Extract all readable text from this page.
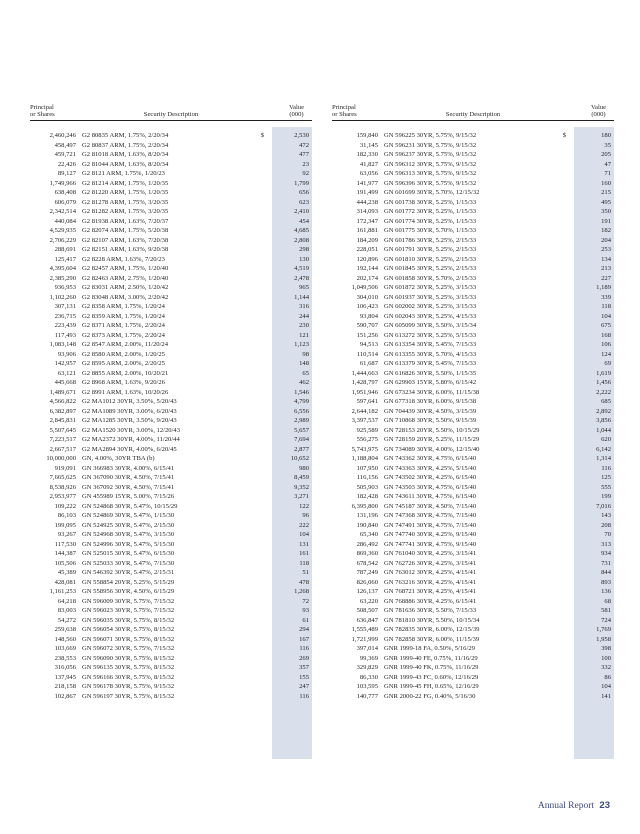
Principal
or Shares	Security Description
Value
(000)
2,460,246 G2 80835 ARM, 1.75%, 2/20/34	2,530
$
458,497 G2 80837 ARM, 1.75%, 2/20/34	472
459,721 G2 81018 ARM, 1.63%, 8/20/34	477
22,426 G2 81044 ARM, 1.63%, 8/20/34	23
89,127 G2 8121 ARM, 1.75%, 1/20/23	92
1,749,966 G2 81214 ARM, 1.75%, 1/20/35	1,799
638,408 G2 81220 ARM, 1.75%, 1/20/35	656
606,079 G2 81278 ARM, 1.75%, 3/20/35	623
2,342,514 G2 81282 ARM, 1.75%, 3/20/35	2,410
440,084 G2 81938 ARM, 1.63%, 7/20/37	454
4,529,935 G2 82074 ARM, 1.75%, 5/20/38	4,685
2,706,229 G2 82107 ARM, 1.63%, 7/20/38	2,808
288,691 G2 82151 ARM, 1.63%, 9/20/38	298
125,417 G2 8228 ARM, 1.63%, 7/20/23	130
4,395,604 G2 82457 ARM, 1.75%, 1/20/40	4,519
2,385,290 G2 82463 ARM, 2.75%, 1/20/40	2,478
936,953 G2 83031 ARM, 2.50%, 1/20/42	965
1,102,260 G2 83048 ARM, 3.00%, 2/20/42	1,144
307,131 G2 8358 ARM, 1.75%, 1/20/24	316
236,715 G2 8359 ARM, 1.75%, 1/20/24	244
223,439 G2 8371 ARM, 1.75%, 2/20/24	230
117,493 G2 8373 ARM, 1.75%, 2/20/24	121
1,083,148 G2 8547 ARM, 2.00%, 11/20/24	1,123
93,906 G2 8580 ARM, 2.00%, 1/20/25	98
142,957 G2 8595 ARM, 2.00%, 2/20/25	148
63,121 G2 8855 ARM, 2.00%, 10/20/21	65
445,668 G2 8968 ARM, 1.63%, 9/20/26	462
1,489,671 G2 8991 ARM, 1.63%, 10/20/26	1,546
4,566,822 G2 MA1012 30YR, 3.50%, 5/20/43	4,799
6,382,897 G2 MA1089 30YR, 3.00%, 6/20/43	6,556
2,845,831 G2 MA1285 30YR, 3.50%, 9/20/43	2,989
5,507,645 G2 MA1520 30YR, 3.00%, 12/20/43	5,657
7,223,517 G2 MA2372 30YR, 4.00%, 11/20/44	7,694
2,667,517 G2 MA2894 30YR, 4.00%, 6/20/45	2,877
10,000,000 GN, 4.00%, 30YR TBA (b)	10,652
919,091 GN 366983 30YR, 4.00%, 6/15/41	980
7,665,625 GN 367090 30YR, 4.50%, 7/15/41	8,459
8,538,926 GN 367092 30YR, 4.50%, 7/15/41	9,352
2,953,977 GN 455989 15YR, 5.00%, 7/15/26	3,271
109,222 GN 524868 30YR, 5.47%, 10/15/29	122
86,103 GN 524869 30YR, 5.47%, 1/15/30	96
199,095 GN 524925 30YR, 5.47%, 2/15/30	222
93,267 GN 524968 30YR, 5.47%, 3/15/30	104
117,530 GN 524996 30YR, 5.47%, 5/15/30	131
144,387 GN 525015 30YR, 5.47%, 6/15/30	161
105,506 GN 525033 30YR, 5.47%, 7/15/30	118
45,389 GN 546392 30YR, 5.47%, 2/15/31	51
428,081 GN 558854 20YR, 5.25%, 5/15/29	478
1,161,253 GN 558956 30YR, 4.50%, 6/15/29	1,268
64,218 GN 596009 30YR, 5.75%, 7/15/32	72
83,003 GN 596023 30YR, 5.75%, 7/15/32	93
54,272 GN 596035 30YR, 5.75%, 8/15/32	61
259,638 GN 596054 30YR, 5.75%, 8/15/32	294
148,560 GN 596071 30YR, 5.75%, 8/15/32	167
103,669 GN 596072 30YR, 5.75%, 7/15/32	116
238,553 GN 596090 30YR, 5.75%, 8/15/32	269
316,056 GN 596135 30YR, 5.75%, 8/15/32	357
137,945 GN 596166 30YR, 5.75%, 8/15/32	155
218,158 GN 596178 30YR, 5.75%, 9/15/32	247
102,867 GN 596197 30YR, 5.75%, 8/15/32	116
Principal
or Shares	Security Description
Value
(000)
159,840 GN 596225 30YR, 5.75%, 9/15/32	180
$
31,145 GN 596231 30YR, 5.75%, 9/15/32	35
182,330 GN 596237 30YR, 5.75%, 9/15/32	205
41,827 GN 596312 30YR, 5.75%, 9/15/32	47
63,056 GN 596313 30YR, 5.75%, 9/15/32	71
141,977 GN 596396 30YR, 5.75%, 9/15/32	160
191,499 GN 601699 30YR, 5.70%, 12/15/32	215
444,238 GN 601738 30YR, 5.25%, 1/15/33	495
314,093 GN 601772 30YR, 5.25%, 1/15/33	350
172,347 GN 601774 30YR, 5.25%, 1/15/33	191
161,881 GN 601775 30YR, 5.70%, 1/15/33	182
184,209 GN 601786 30YR, 5.25%, 2/15/33	204
228,051 GN 601791 30YR, 5.25%, 2/15/33	253
120,896 GN 601810 30YR, 5.25%, 2/15/33	134
192,144 GN 601845 30YR, 5.25%, 2/15/33	213
202,174 GN 601858 30YR, 5.70%, 2/15/33	227
1,049,506 GN 601872 30YR, 5.25%, 3/15/33	1,189
304,010 GN 601937 30YR, 5.25%, 3/15/33	339
106,423 GN 602002 30YR, 5.25%, 3/15/33	118
93,804 GN 602043 30YR, 5.25%, 4/15/33	104
590,707 GN 605099 30YR, 5.50%, 3/15/34	675
151,256 GN 613272 30YR, 5.25%, 5/15/33	168
94,513 GN 613354 30YR, 5.45%, 7/15/33	106
110,514 GN 613355 30YR, 5.70%, 4/15/33	124
61,687 GN 613379 30YR, 5.45%, 7/15/33	69
1,444,663 GN 616826 30YR, 5.50%, 1/15/35	1,619
1,428,797 GN 629903 15YR, 5.80%, 6/15/42	1,456
1,951,946 GN 673234 30YR, 6.00%, 11/15/38	2,222
597,641 GN 677318 30YR, 6.00%, 9/15/38	685
2,644,182 GN 704439 30YR, 4.50%, 3/15/39	2,892
3,397,537 GN 710868 30YR, 5.50%, 9/15/39	3,856
925,589 GN 728153 20YR, 5.50%, 10/15/29	1,044
556,275 GN 728159 20YR, 5.25%, 11/15/29	620
5,743,975 GN 734089 30YR, 4.00%, 12/15/40	6,142
1,188,804 GN 743362 30YR, 4.75%, 6/15/40	1,314
107,950 GN 743363 30YR, 4.25%, 5/15/40	116
116,156 GN 743502 30YR, 4.25%, 6/15/40	125
505,903 GN 743503 30YR, 4.75%, 6/15/40	555
182,428 GN 743611 30YR, 4.75%, 6/15/40	199
6,395,800 GN 745187 30YR, 4.50%, 7/15/40	7,016
131,196 GN 747368 30YR, 4.75%, 7/15/40	143
190,840 GN 747491 30YR, 4.75%, 7/15/40	208
65,340 GN 747740 30YR, 4.25%, 9/15/40	70
286,492 GN 747741 30YR, 4.75%, 9/15/40	313
869,360 GN 761040 30YR, 4.25%, 3/15/41	934
678,542 GN 762726 30YR, 4.25%, 3/15/41	731
787,249 GN 763012 30YR, 4.25%, 4/15/41	844
826,060 GN 763216 30YR, 4.25%, 4/15/41	893
126,137 GN 768721 30YR, 4.25%, 4/15/41	136
63,220 GN 768886 30YR, 4.25%, 6/15/41	68
508,507 GN 781636 30YR, 5.50%, 7/15/33	581
636,847 GN 781810 30YR, 5.50%, 10/15/34	724
1,555,489 GN 782835 30YR, 6.00%, 12/15/39	1,769
1,721,999 GN 782858 30YR, 6.00%, 11/15/39	1,958
397,014 GNR 1999-18 FA, 0.50%, 5/16/29	398
99,369 GNR 1999-40 FE, 0.75%, 11/16/29	100
329,829 GNR 1999-40 FK, 0.75%, 11/16/29	332
86,330 GNR 1999-43 FC, 0.60%, 12/16/29	86
103,595 GNR 1999-45 FH, 0.65%, 12/16/29	104
140,777 GNR 2000-22 FG, 0.40%, 5/16/30	141
Annual Report 23
